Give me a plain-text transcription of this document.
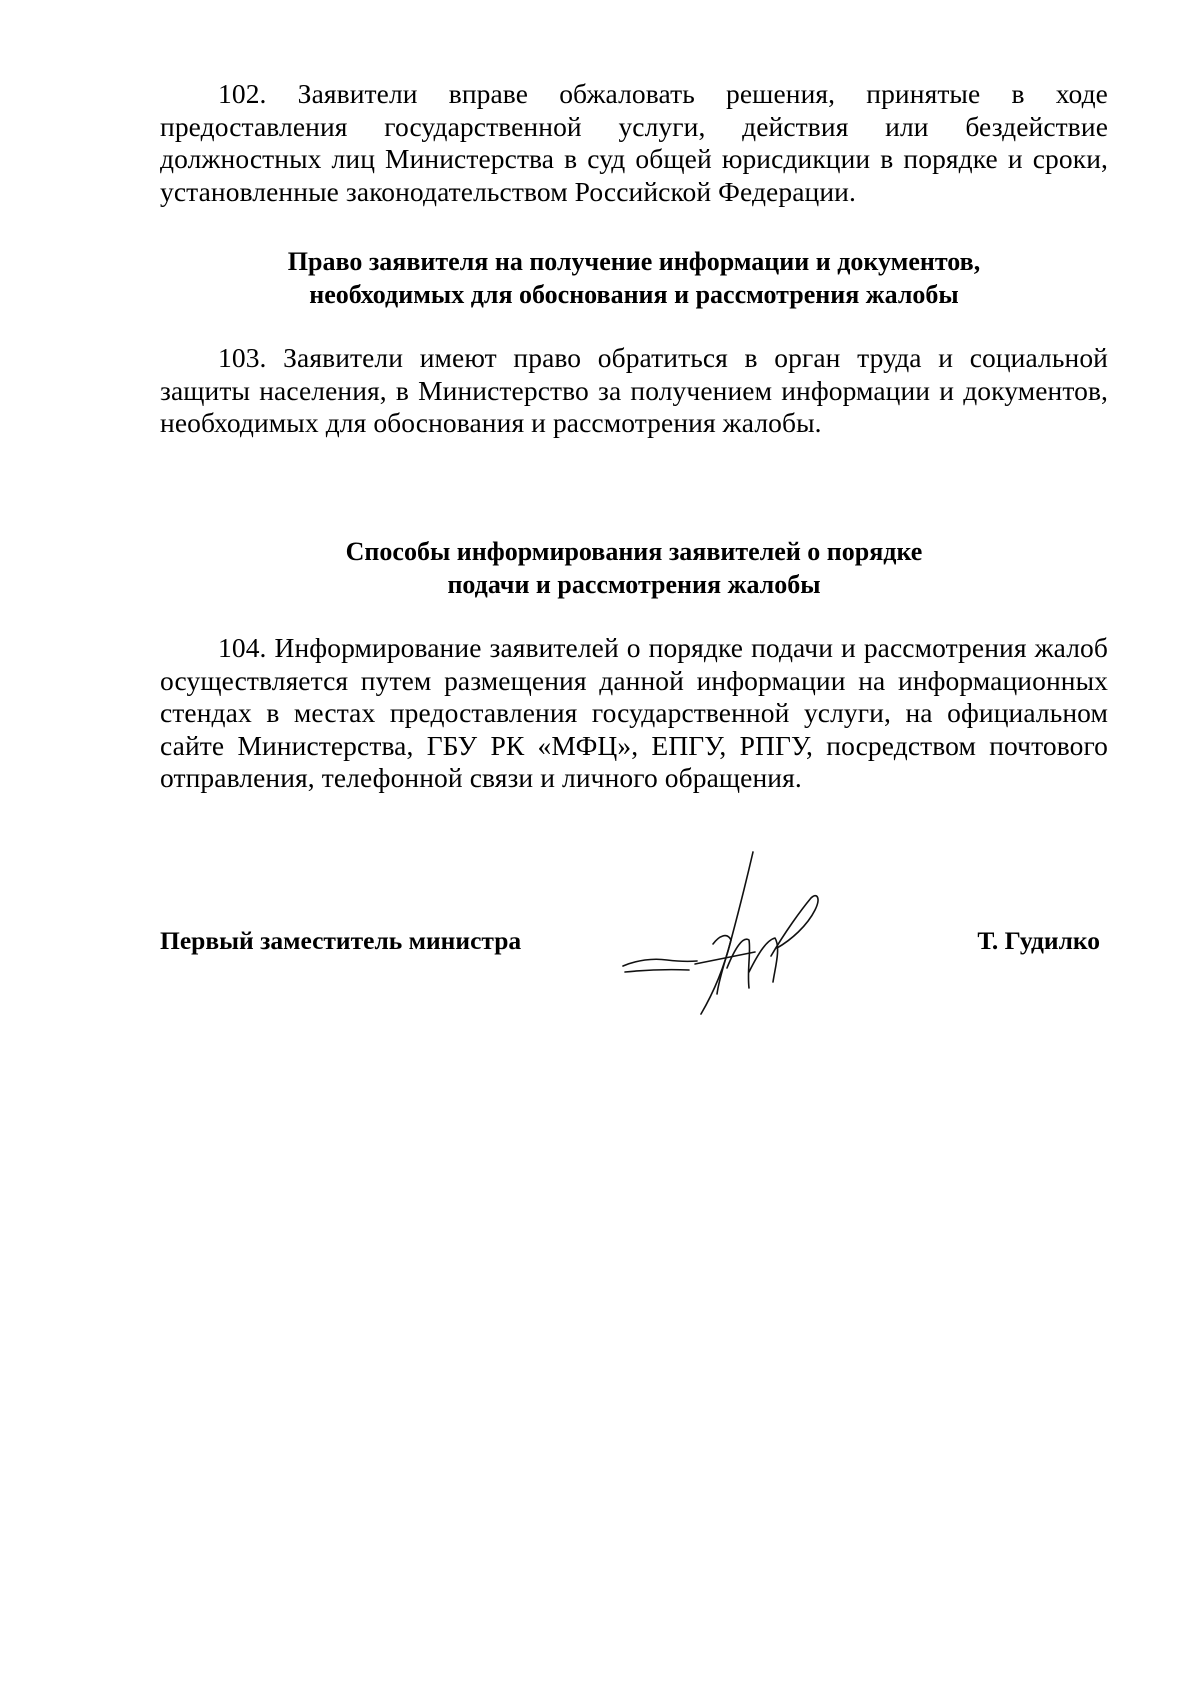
102. Заявители вправе обжаловать решения, принятые в ходе предоставления государственной услуги, действия или бездействие должностных лиц Министерства в суд общей юрисдикции в порядке и сроки, установленные законодательством Российской Федерации.

Право заявителя на получение информации и документов,

необходимых для обоснования и рассмотрения жалобы

103. Заявители имеют право обратиться в орган труда и социальной защиты населения, в Министерство за получением информации и документов, необходимых для обоснования и рассмотрения жалобы.

Способы информирования заявителей о порядке

подачи и рассмотрения жалобы

104. Информирование заявителей о порядке подачи и рассмотрения жалоб осуществляется путем размещения данной информации на информационных стендах в местах предоставления государственной услуги, на официальном сайте Министерства, ГБУ РК «МФЦ», ЕПГУ, РПГУ, посредством почтового отправления, телефонной связи и личного обращения.

Первый заместитель министра	Т. Гудилко
